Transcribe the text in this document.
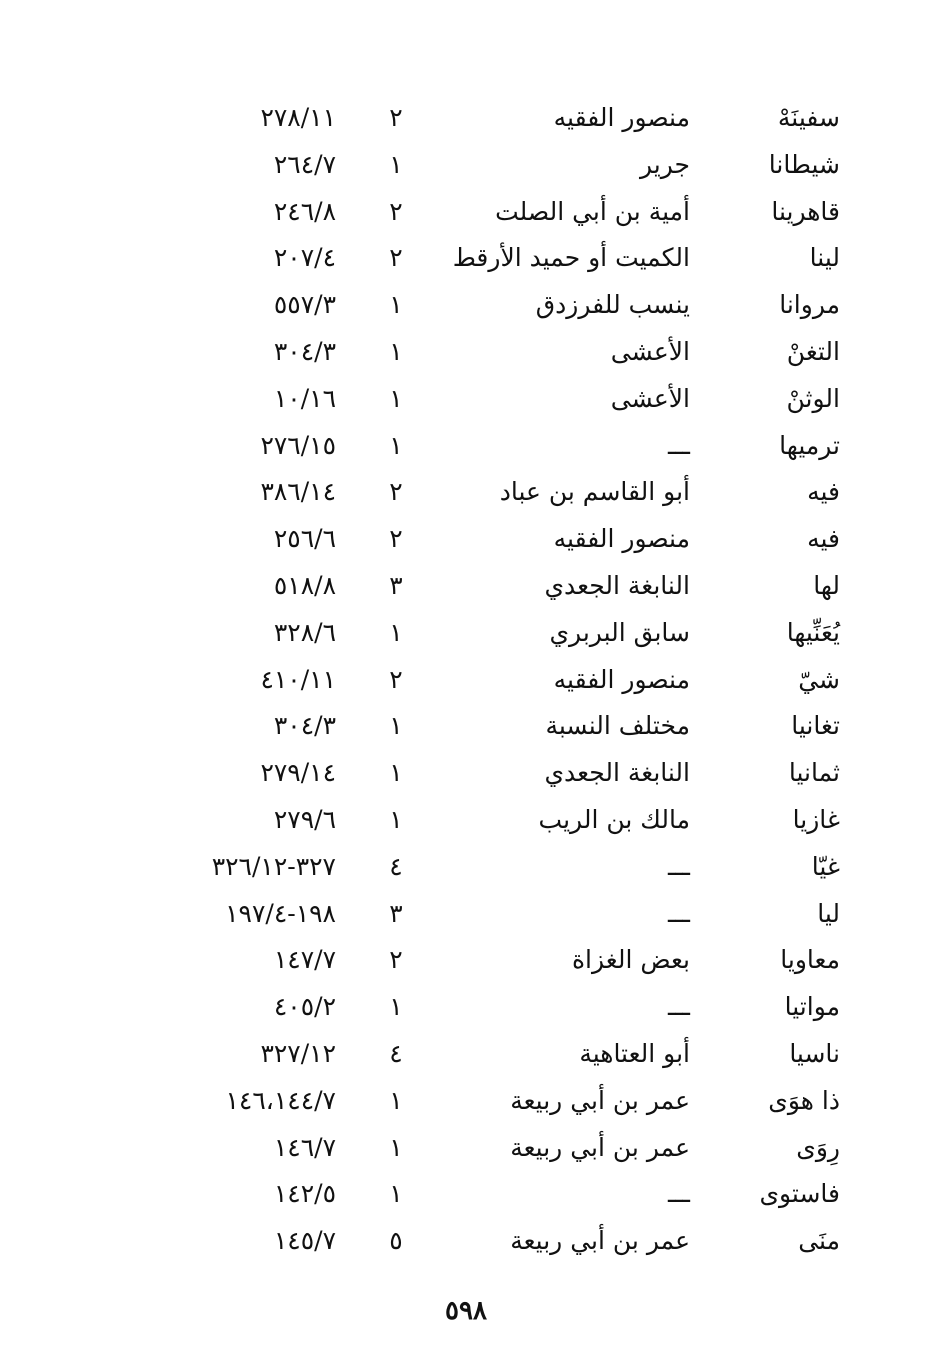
سفينَهْ
منصور الفقيه
٢
٢٧٨/١١
شيطانا
جرير
١
٢٦٤/٧
قاهرينا
أمية بن أبي الصلت
٢
٢٤٦/٨
لينا
الكميت أو حميد الأرقط
٢
٢٠٧/٤
مروانا
ينسب للفرزدق
١
٥٥٧/٣
التغنْ
الأعشى
١
٣٠٤/٣
الوثنْ
الأعشى
١
١٠/١٦
ترميها
ـــ
١
٢٧٦/١٥
فيه
أبو القاسم بن عباد
٢
٣٨٦/١٤
فيه
منصور الفقيه
٢
٢٥٦/٦
لها
النابغة الجعدي
٣
٥١٨/٨
يُعَنِّيها
سابق البربري
١
٣٢٨/٦
شيّ
منصور الفقيه
٢
٤١٠/١١
تغانيا
مختلف النسبة
١
٣٠٤/٣
ثمانيا
النابغة الجعدي
١
٢٧٩/١٤
غازيا
مالك بن الريب
١
٢٧٩/٦
غيّا
ـــ
٤
٣٢٧-٣٢٦/١٢
ليا
ـــ
٣
١٩٨-١٩٧/٤
معاويا
بعض الغزاة
٢
١٤٧/٧
مواتيا
ـــ
١
٤٠٥/٢
ناسيا
أبو العتاهية
٤
٣٢٧/١٢
ذا هوَى
عمر بن أبي ربيعة
١
١٤٦،١٤٤/٧
رِوَى
عمر بن أبي ربيعة
١
١٤٦/٧
فاستوى
ـــ
١
١٤٢/٥
منَى
عمر بن أبي ربيعة
٥
١٤٥/٧
٥٩٨
